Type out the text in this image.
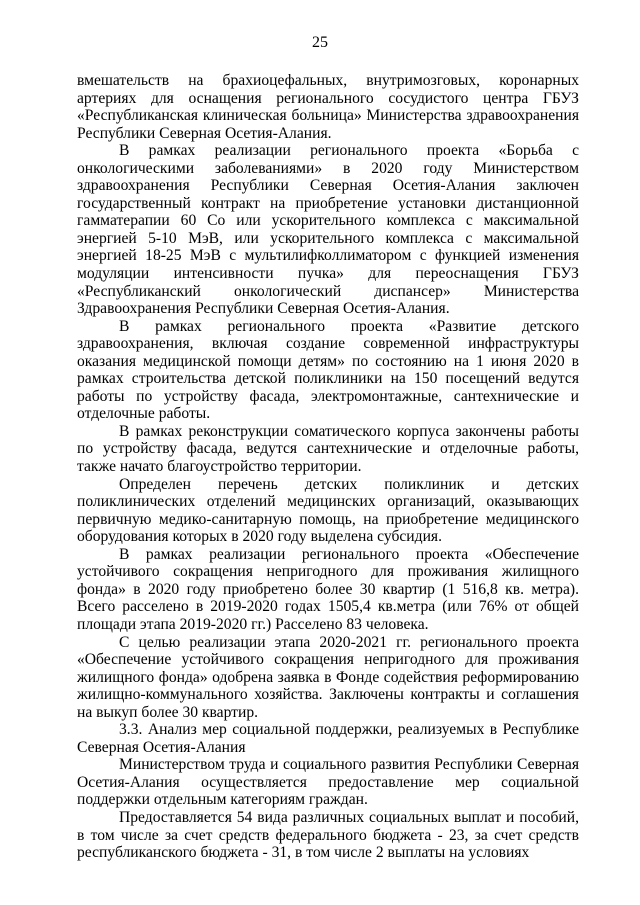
25

вмешательств на брахиоцефальных, внутримозговых, коронарных артериях для оснащения регионального сосудистого центра ГБУЗ «Республиканская клиническая больница» Министерства здравоохранения Республики Северная Осетия-Алания.

В рамках реализации регионального проекта «Борьба с онкологическими заболеваниями» в 2020 году Министерством здравоохранения Республики Северная Осетия-Алания заключен государственный контракт на приобретение установки дистанционной гамматерапии 60 Со или ускорительного комплекса с максимальной энергией 5-10 МэВ, или ускорительного комплекса с максимальной энергией 18-25 МэВ с мультилифколлиматором с функцией изменения модуляции интенсивности пучка» для переоснащения ГБУЗ «Республиканский онкологический диспансер» Министерства Здравоохранения Республики Северная Осетия-Алания.

В рамках регионального проекта «Развитие детского здравоохранения, включая создание современной инфраструктуры оказания медицинской помощи детям» по состоянию на 1 июня 2020 в рамках строительства детской поликлиники на 150 посещений ведутся работы по устройству фасада, электромонтажные, сантехнические и отделочные работы.

В рамках реконструкции соматического корпуса закончены работы по устройству фасада, ведутся сантехнические и отделочные работы, также начато благоустройство территории.

Определен перечень детских поликлиник и детских поликлинических отделений медицинских организаций, оказывающих первичную медико-санитарную помощь, на приобретение медицинского оборудования которых в 2020 году выделена субсидия.

В рамках реализации регионального проекта «Обеспечение устойчивого сокращения непригодного для проживания жилищного фонда» в 2020 году приобретено более 30 квартир (1 516,8 кв. метра). Всего расселено в 2019-2020 годах 1505,4 кв.метра (или 76% от общей площади этапа 2019-2020 гг.) Расселено 83 человека.

С целью реализации этапа 2020-2021 гг. регионального проекта «Обеспечение устойчивого сокращения непригодного для проживания жилищного фонда» одобрена заявка в Фонде содействия реформированию жилищно-коммунального хозяйства. Заключены контракты и соглашения на выкуп более 30 квартир.

3.3. Анализ мер социальной поддержки, реализуемых в Республике Северная Осетия-Алания

Министерством труда и социального развития Республики Северная Осетия-Алания осуществляется предоставление мер социальной поддержки отдельным категориям граждан.

Предоставляется 54 вида различных социальных выплат и пособий, в том числе за счет средств федерального бюджета - 23, за счет средств республиканского бюджета - 31, в том числе 2 выплаты на условиях
